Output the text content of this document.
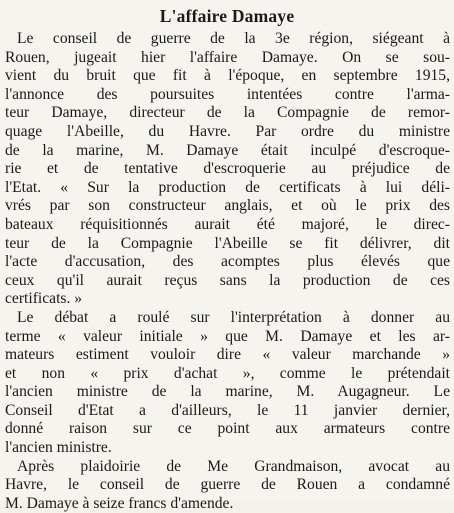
L'affaire Damaye
Le conseil de guerre de la 3e région, siégeant à
Rouen, jugeait hier l'affaire Damaye. On se sou-
vient du bruit que fit à l'époque, en septembre 1915,
l'annonce des poursuites intentées contre l'arma-
teur Damaye, directeur de la Compagnie de remor-
quage l'Abeille, du Havre. Par ordre du ministre
de la marine, M. Damaye était inculpé d'escroque-
rie et de tentative d'escroquerie au préjudice de
l'Etat. « Sur la production de certificats à lui déli-
vrés par son constructeur anglais, et où le prix des
bateaux réquisitionnés aurait été majoré, le direc-
teur de la Compagnie l'Abeille se fit délivrer, dit
l'acte d'accusation, des acomptes plus élevés que
ceux qu'il aurait reçus sans la production de ces
certificats. »
Le débat a roulé sur l'interprétation à donner au
terme « valeur initiale » que M. Damaye et les ar-
mateurs estiment vouloir dire « valeur marchande »
et non « prix d'achat », comme le prétendait
l'ancien ministre de la marine, M. Augagneur. Le
Conseil d'Etat a d'ailleurs, le 11 janvier dernier,
donné raison sur ce point aux armateurs contre
l'ancien ministre.
Après plaidoirie de Me Grandmaison, avocat au
Havre, le conseil de guerre de Rouen a condamné
M. Damaye à seize francs d'amende.
